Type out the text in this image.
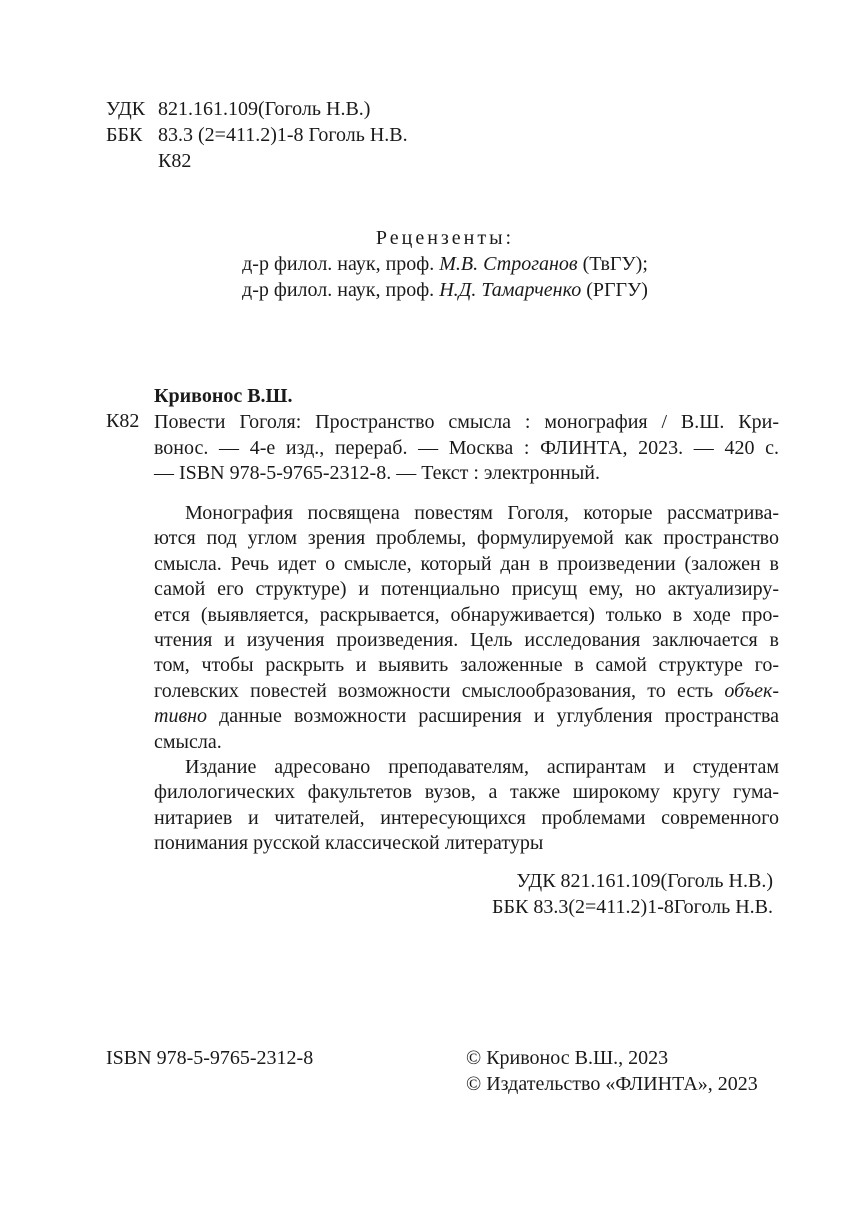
УДК	821.161.109(Гоголь Н.В.)
ББК	83.3 (2=411.2)1-8 Гоголь Н.В.
	К82
Рецензенты:
д-р филол. наук, проф. М.В. Строганов (ТвГУ);
д-р филол. наук, проф. Н.Д. Тамарченко (РГГУ)
Кривонос В.Ш.
К82 Повести Гоголя: Пространство смысла : монография / В.Ш. Кри-
вонос. — 4-е изд., перераб. — Москва : ФЛИНТА, 2023. — 420 с.
— ISBN 978-5-9765-2312-8. — Текст : электронный.
Монография посвящена повестям Гоголя, которые рассматрива-
ются под углом зрения проблемы, формулируемой как пространство
смысла. Речь идет о смысле, который дан в произведении (заложен в
самой его структуре) и потенциально присущ ему, но актуализиру-
ется (выявляется, раскрывается, обнаруживается) только в ходе про-
чтения и изучения произведения. Цель исследования заключается в
том, чтобы раскрыть и выявить заложенные в самой структуре го-
голевских повестей возможности смыслообразования, то есть объек-
тивно данные возможности расширения и углубления пространства
смысла.
Издание адресовано преподавателям, аспирантам и студентам
филологических факультетов вузов, а также широкому кругу гума-
нитариев и читателей, интересующихся проблемами современного
понимания русской классической литературы
УДК 821.161.109(Гоголь Н.В.)
ББК 83.3(2=411.2)1-8Гоголь Н.В.
ISBN 978-5-9765-2312-8	© Кривонос В.Ш., 2023
© Издательство «ФЛИНТА», 2023
